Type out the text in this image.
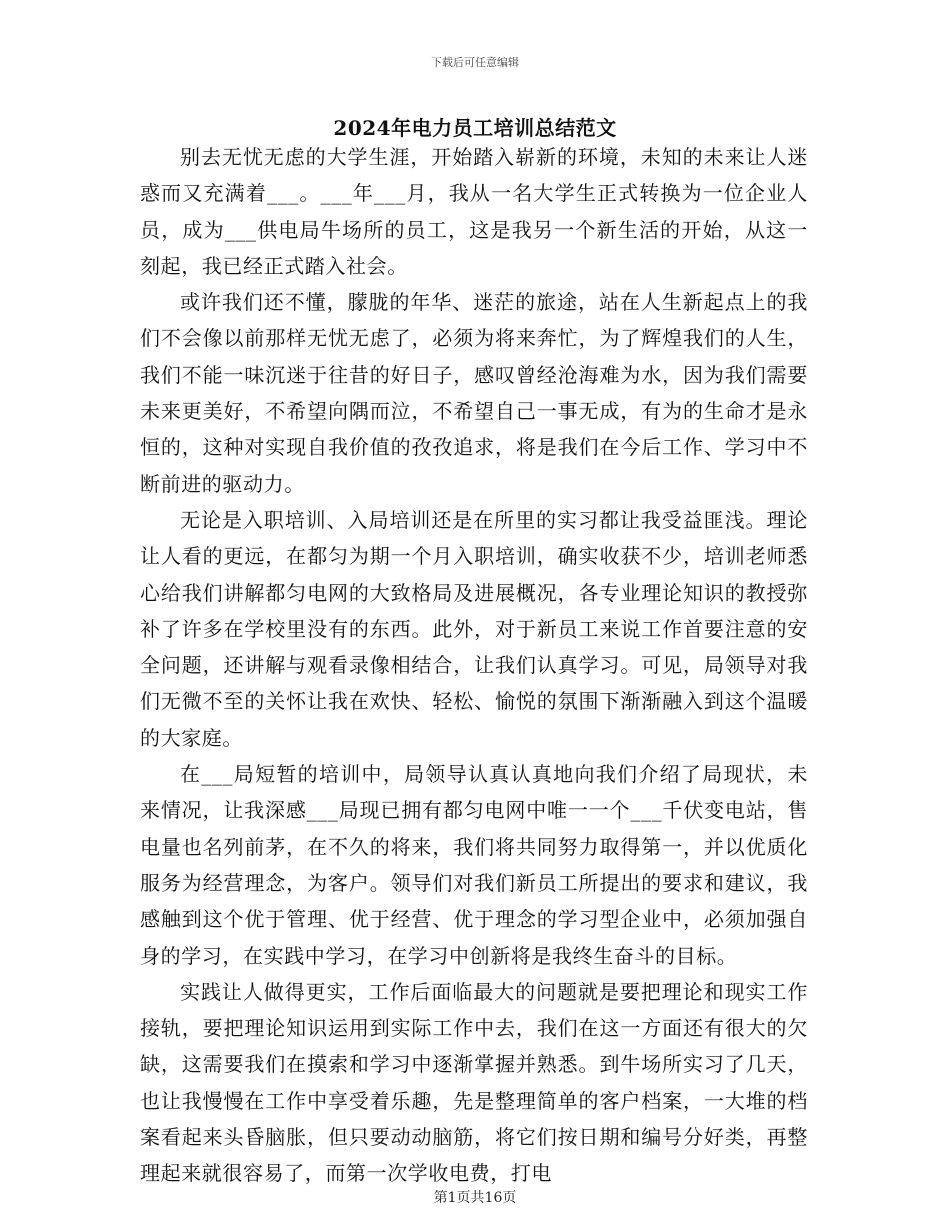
下载后可任意编辑
2024年电力员工培训总结范文

别去无忧无虑的大学生涯，开始踏入崭新的环境，未知的未来让人迷惑而又充满着___。___年___月，我从一名大学生正式转换为一位企业人员，成为___供电局牛场所的员工，这是我另一个新生活的开始，从这一刻起，我已经正式踏入社会。

或许我们还不懂，朦胧的年华、迷茫的旅途，站在人生新起点上的我们不会像以前那样无忧无虑了，必须为将来奔忙，为了辉煌我们的人生，我们不能一味沉迷于往昔的好日子，感叹曾经沧海难为水，因为我们需要未来更美好，不希望向隅而泣，不希望自己一事无成，有为的生命才是永恒的，这种对实现自我价值的孜孜追求，将是我们在今后工作、学习中不断前进的驱动力。

无论是入职培训、入局培训还是在所里的实习都让我受益匪浅。理论让人看的更远，在都匀为期一个月入职培训，确实收获不少，培训老师悉心给我们讲解都匀电网的大致格局及进展概况，各专业理论知识的教授弥补了许多在学校里没有的东西。此外，对于新员工来说工作首要注意的安全问题，还讲解与观看录像相结合，让我们认真学习。可见，局领导对我们无微不至的关怀让我在欢快、轻松、愉悦的氛围下渐渐融入到这个温暖的大家庭。

在___局短暂的培训中，局领导认真认真地向我们介绍了局现状，未来情况，让我深感___局现已拥有都匀电网中唯一一个___千伏变电站，售电量也名列前茅，在不久的将来，我们将共同努力取得第一，并以优质化服务为经营理念，为客户。领导们对我们新员工所提出的要求和建议，我感触到这个优于管理、优于经营、优于理念的学习型企业中，必须加强自身的学习，在实践中学习，在学习中创新将是我终生奋斗的目标。

实践让人做得更实，工作后面临最大的问题就是要把理论和现实工作接轨，要把理论知识运用到实际工作中去，我们在这一方面还有很大的欠缺，这需要我们在摸索和学习中逐渐掌握并熟悉。到牛场所实习了几天，也让我慢慢在工作中享受着乐趣，先是整理简单的客户档案，一大堆的档案看起来头昏脑胀，但只要动动脑筋，将它们按日期和编号分好类，再整理起来就很容易了，而第一次学收电费，打电

第1页共16页
